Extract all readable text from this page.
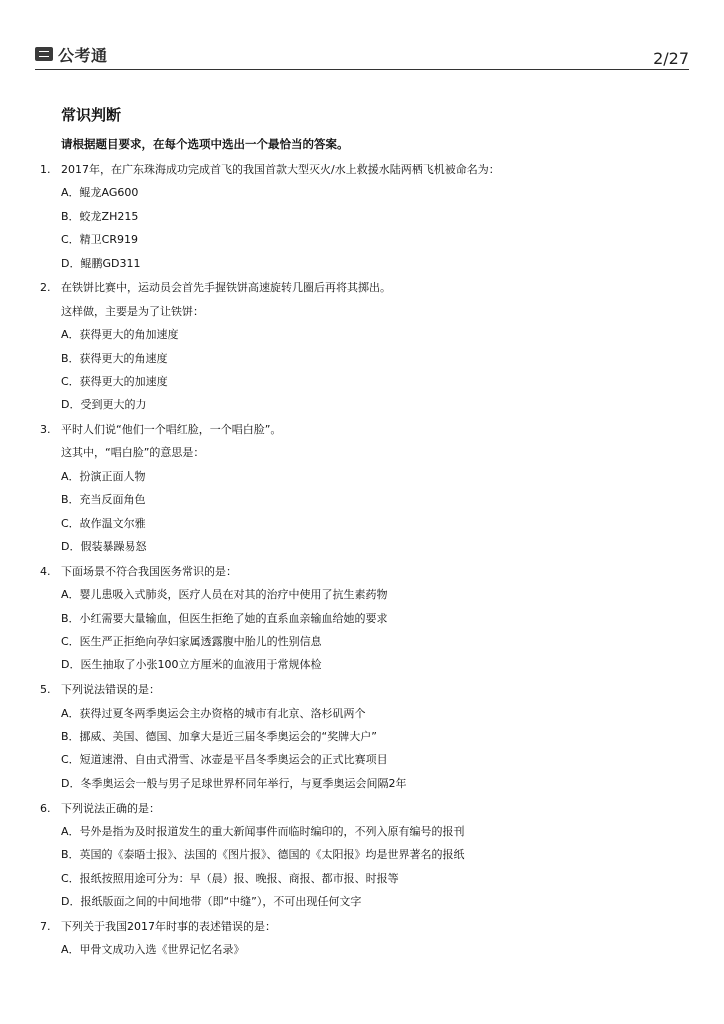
公考通	2/27
常识判断
请根据题目要求，在每个选项中选出一个最恰当的答案。
1. 2017年，在广东珠海成功完成首飞的我国首款大型灭火/水上救援水陆两栖飞机被命名为：
A．鲲龙AG600
B．蛟龙ZH215
C．精卫CR919
D．鲲鹏GD311
2. 在铁饼比赛中，运动员会首先手握铁饼高速旋转几圈后再将其掷出。
这样做，主要是为了让铁饼：
A．获得更大的角加速度
B．获得更大的角速度
C．获得更大的加速度
D．受到更大的力
3. 平时人们说“他们一个唱红脸，一个唱白脸”。
这其中，“唱白脸”的意思是：
A．扮演正面人物
B．充当反面角色
C．故作温文尔雅
D．假装暴躁易怒
4. 下面场景不符合我国医务常识的是：
A．婴儿患吸入式肺炎，医疗人员在对其的治疗中使用了抗生素药物
B．小红需要大量输血，但医生拒绝了她的直系血亲输血给她的要求
C．医生严正拒绝向孕妇家属透露腹中胎儿的性别信息
D．医生抽取了小张100立方厘米的血液用于常规体检
5. 下列说法错误的是：
A．获得过夏冬两季奥运会主办资格的城市有北京、洛杉矶两个
B．挪威、美国、德国、加拿大是近三届冬季奥运会的“奖牌大户”
C．短道速滑、自由式滑雪、冰壶是平昌冬季奥运会的正式比赛项目
D．冬季奥运会一般与男子足球世界杯同年举行，与夏季奥运会间隔2年
6. 下列说法正确的是：
A．号外是指为及时报道发生的重大新闻事件而临时编印的，不列入原有编号的报刊
B．英国的《泰晤士报》、法国的《图片报》、德国的《太阳报》均是世界著名的报纸
C．报纸按照用途可分为：早（晨）报、晚报、商报、都市报、时报等
D．报纸版面之间的中间地带（即“中缝”），不可出现任何文字
7. 下列关于我国2017年时事的表述错误的是：
A．甲骨文成功入选《世界记忆名录》
